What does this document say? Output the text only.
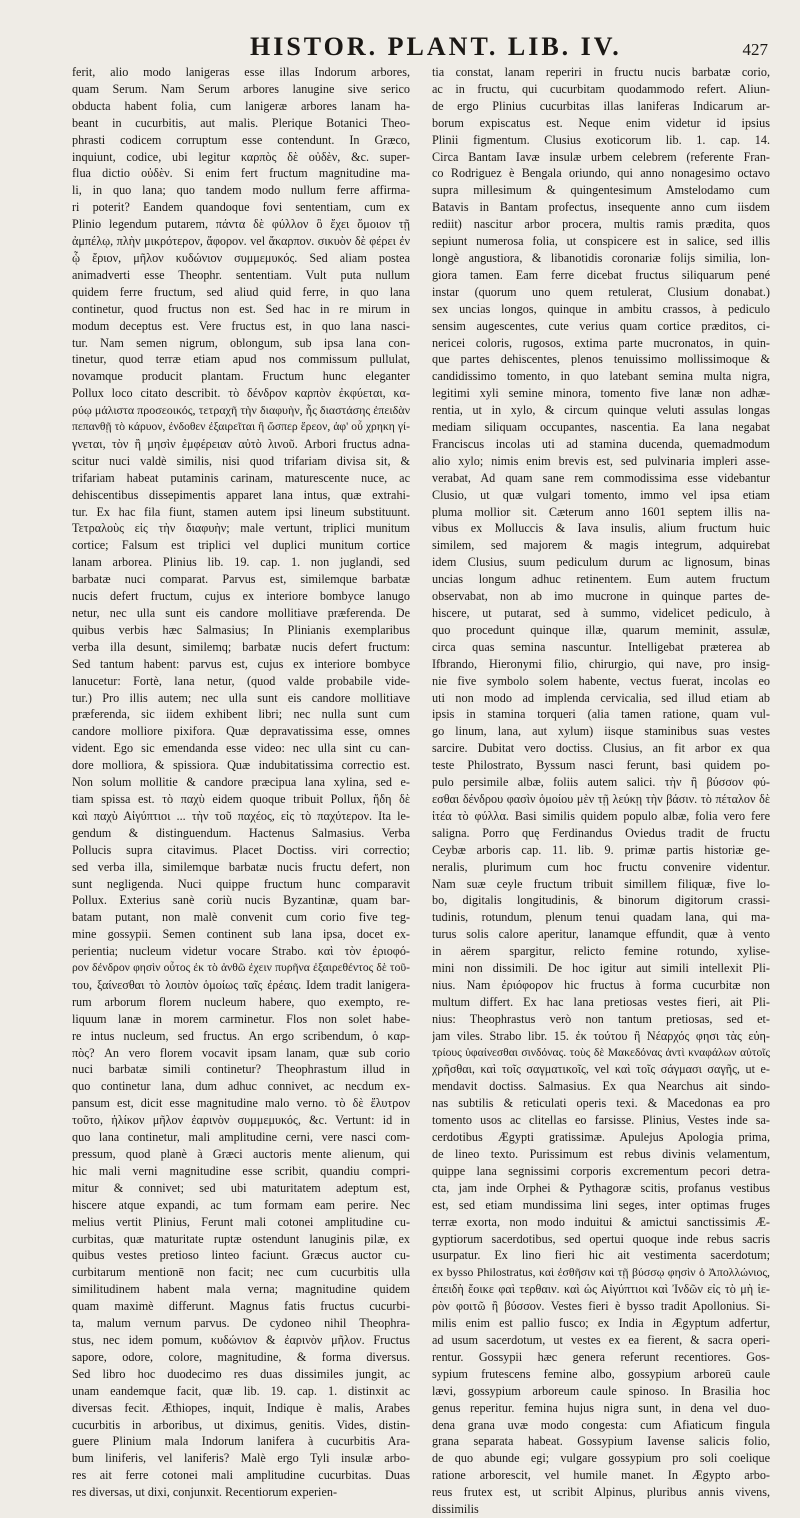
HISTOR. PLANT. LIB. IV.	427
ferit, alio modo lanigeras esse illas Indorum arbores,
quam Serum. Nam Serum arbores lanugine sive serico
obducta habent folia, cum lanigeræ arbores lanam ha-
beant in cucurbitis, aut malis. Plerique Botanici Theo-
phrasti codicem corruptum esse contendunt. In Græco,
inquiunt, codice, ubi legitur καρπὸς δὲ οὐδὲν, &c. super-
flua dictio οὐδὲν. Si enim fert fructum magnitudine ma-
li, in quo lana; quo tandem modo nullum ferre affirma-
ri poterit? Eandem quandoque fovi sententiam, cum ex
Plinio legendum putarem, πάντα δὲ φύλλον ὃ ἔχει ὅμοιον τῇ
ἀμπέλῳ, πλὴν μικρότερον, ἄφορον. vel ἄκαρπον. σικυὸν δὲ φέρει ἐν
ᾧ ἔριον, μῆλον κυδώνιον συμμεμυκός. Sed aliam postea
animadverti esse Theophr. sententiam. Vult puta nullum
quidem ferre fructum, sed aliud quid ferre, in quo lana
continetur, quod fructus non est. Sed hac in re mirum in
modum deceptus est. Vere fructus est, in quo lana nasci-
tur. Nam semen nigrum, oblongum, sub ipsa lana con-
tinetur, quod terræ etiam apud nos commissum pullulat,
novamque producit plantam. Fructum hunc eleganter
Pollux loco citato describit. τὸ δένδρον καρπὸν ἐκφύεται, κα-
ρύῳ μάλιστα προσεοικός, τετραχῆ τὴν διαφυὴν, ἧς διαστάσης ἐπειδὰν
πεπανθῇ τὸ κάρυον, ἐνδοθεν ἐξαιρεῖται ἢ ὥσπερ ἔρεον, ἀφ' οὗ χρηκη γί-
γνεται, τὸν ἢ μησὶν ἐμφέρειαν αὐτὸ λινοῦ. Arbori fructus adna-
scitur nuci valdè similis, nisi quod trifariam divisa sit, &
trifariam habeat putaminis carinam, maturescente nuce, ac
dehiscentibus dissepimentis apparet lana intus, quæ extrahi-
tur. Ex hac fila fiunt, stamen autem ipsi lineum substituunt.
Τετραλοὺς εἰς τὴν διαφυὴν; male vertunt, triplici munitum
cortice; Falsum est triplici vel duplici munitum cortice
lanam arborea. Plinius lib. 19. cap. 1. non juglandi, sed
barbatæ nuci comparat. Parvus est, similemque barbatæ
nucis defert fructum, cujus ex interiore bombyce lanugo
netur, nec ulla sunt eis candore mollitiave præferenda. De
quibus verbis hæc Salmasius; In Plinianis exemplaribus
verba illa desunt, similemq; barbatæ nucis defert fructum:
Sed tantum habent: parvus est, cujus ex interiore bombyce
lanucetur: Fortè, lana netur, (quod valde probabile vide-
tur.) Pro illis autem; nec ulla sunt eis candore mollitiave
præferenda, sic iidem exhibent libri; nec nulla sunt cum
candore molliore pixifora. Quæ depravatissima esse, omnes
vident. Ego sic emendanda esse video: nec ulla sint cu can-
dore molliora, & spissiora. Quæ indubitatissima correctio est.
Non solum mollitie & candore præcipua lana xylina, sed e-
tiam spissa est. τὸ παχὺ eidem quoque tribuit Pollux, ἤδη δὲ
καὶ παχὺ Αἰγύπτιοι ... τὴν τοῦ παχέος, εἰς τὸ παχύτερον. Ita le-
gendum & distinguendum. Hactenus Salmasius. Verba
Pollucis supra citavimus. Placet Doctiss. viri correctio;
sed verba illa, similemque barbatæ nucis fructu defert, non
sunt negligenda. Nuci quippe fructum hunc comparavit
Pollux. Exterius sanè coriù nucis Byzantinæ, quam bar-
batam putant, non malè convenit cum corio five teg-
mine gossypii. Semen continent sub lana ipsa, docet ex-
perientia; nucleum videtur vocare Strabo. καὶ τὸν ἐριοφό-
ρον δένδρον φησὶν οὗτος ἐκ τὸ ἀνθῶ ἐχειν πυρῆνα ἐξαιρεθέντος δὲ τοῦ-
του, ξαίνεσθαι τὸ λοιπὸν ὁμοίως ταῖς ἐρέαις. Idem tradit lanigera-
rum arborum florem nucleum habere, quo exempto, re-
liquum lanæ in morem carminetur. Flos non solet habe-
re intus nucleum, sed fructus. An ergo scribendum, ὁ καρ-
πὸς? An vero florem vocavit ipsam lanam, quæ sub corio
nuci barbatæ simili continetur? Theophrastum illud in
quo continetur lana, dum adhuc connivet, ac necdum ex-
pansum est, dicit esse magnitudine malo verno. τὸ δὲ ἔλυτρον
τοῦτο, ἡλίκον μῆλον ἐαρινὸν συμμεμυκός, &c. Vertunt: id in
quo lana continetur, mali amplitudine cerni, vere nasci com-
pressum, quod planè à Græci auctoris mente alienum, qui
hic mali verni magnitudine esse scribit, quandiu compri-
mitur & connivet; sed ubi maturitatem adeptum est,
hiscere atque expandi, ac tum formam eam perire. Nec
melius vertit Plinius, Ferunt mali cotonei amplitudine cu-
curbitas, quæ maturitate ruptæ ostendunt lanuginis pilæ, ex
quibus vestes pretioso linteo faciunt. Græcus auctor cu-
curbitarum mentionē non facit; nec cum cucurbitis ulla
similitudinem habent mala verna; magnitudine quidem
quam maximè differunt. Magnus fatis fructus cucurbi-
ta, malum vernum parvus. De cydoneo nihil Theophra-
stus, nec idem pomum, κυδώνιον & ἐαρινὸν μῆλον. Fructus
sapore, odore, colore, magnitudine, & forma diversus.
Sed libro hoc duodecimo res duas dissimiles jungit, ac
unam eandemque facit, quæ lib. 19. cap. 1. distinxit ac
diversas fecit. Æthiopes, inquit, Indique è malis, Arabes
cucurbitis in arboribus, ut diximus, genitis. Vides, distin-
guere Plinium mala Indorum lanifera à cucurbitis Ara-
bum liniferis, vel laniferis? Malè ergo Tyli insulæ arbo-
res ait ferre cotonei mali amplitudine cucurbitas. Duas
res diversas, ut dixi, conjunxit. Recentiorum experien-
tia constat, lanam reperiri in fructu nucis barbatæ corio,
ac in fructu, qui cucurbitam quodammodo refert. Aliun-
de ergo Plinius cucurbitas illas laniferas Indicarum ar-
borum expiscatus est. Neque enim videtur id ipsius
Plinii figmentum. Clusius exoticorum lib. 1. cap. 14.
Circa Bantam Iavæ insulæ urbem celebrem (referente Fran-
co Rodriguez è Bengala oriundo, qui anno nonagesimo octavo
supra millesimum & quingentesimum Amstelodamo cum
Batavis in Bantam profectus, insequente anno cum iisdem
rediit) nascitur arbor procera, multis ramis prædita, quos
sepiunt numerosa folia, ut conspicere est in salice, sed illis
longè angustiora, & libanotidis coronariæ folijs similia, lon-
giora tamen. Eam ferre dicebat fructus siliquarum pené
instar (quorum uno quem retulerat, Clusium donabat.)
sex uncias longos, quinque in ambitu crassos, à pediculo
sensim augescentes, cute verius quam cortice præditos, ci-
nericei coloris, rugosos, extima parte mucronatos, in quin-
que partes dehiscentes, plenos tenuissimo mollissimoque &
candidissimo tomento, in quo latebant semina multa nigra,
legitimi xyli semine minora, tomento five lanæ non adhæ-
rentia, ut in xylo, & circum quinque veluti assulas longas
mediam siliquam occupantes, nascentia. Ea lana negabat
Franciscus incolas uti ad stamina ducenda, quemadmodum
alio xylo; nimis enim brevis est, sed pulvinaria impleri asse-
verabat, Ad quam sane rem commodissima esse videbantur
Clusio, ut quæ vulgari tomento, immo vel ipsa etiam
pluma mollior sit. Cæterum anno 1601 septem illis na-
vibus ex Molluccis & Iava insulis, alium fructum huic
similem, sed majorem & magis integrum, adquirebat
idem Clusius, suum pediculum durum ac lignosum, binas
uncias longum adhuc retinentem. Eum autem fructum
observabat, non ab imo mucrone in quinque partes de-
hiscere, ut putarat, sed à summo, videlicet pediculo, à
quo procedunt quinque illæ, quarum meminit, assulæ,
circa quas semina nascuntur. Intelligebat præterea ab
Ifbrando, Hieronymi filio, chirurgio, qui nave, pro insig-
nie five symbolo solem habente, vectus fuerat, incolas eo
uti non modo ad implenda cervicalia, sed illud etiam ab
ipsis in stamina torqueri (alia tamen ratione, quam vul-
go linum, lana, aut xylum) iisque staminibus suas vestes
sarcire. Dubitat vero doctiss. Clusius, an fit arbor ex qua
teste Philostrato, Byssum nasci ferunt, basi quidem po-
pulo persimile albæ, foliis autem salici. τὴν ἢ βύσσον φύ-
εσθαι δένδρου φασὶν ὁμοίου μὲν τῇ λεύκῃ τὴν βάσιν. τὸ πέταλον δὲ
ἰτέα τὸ φύλλα. Basi similis quidem populo albæ, folia vero fere
saligna. Porro quę Ferdinandus Oviedus tradit de fructu
Ceybæ arboris cap. 11. lib. 9. primæ partis historiæ ge-
neralis, plurimum cum hoc fructu convenire videntur.
Nam suæ ceyle fructum tribuit simillem filiquæ, five lo-
bo, digitalis longitudinis, & binorum digitorum crassi-
tudinis, rotundum, plenum tenui quadam lana, qui ma-
turus solis calore aperitur, lanamque effundit, quæ à vento
in aërem spargitur, relicto femine rotundo, xylise-
mini non dissimili. De hoc igitur aut simili intellexit Pli-
nius. Nam ἐριόφορον hic fructus à forma cucurbitæ non
multum differt. Ex hac lana pretiosas vestes fieri, ait Pli-
nius: Theophrastus verò non tantum pretiosas, sed et-
jam viles. Strabo libr. 15. ἐκ τούτου ἢ Νέαρχός φησι τὰς εὐη-
τρίους ὑφαίνεσθαι σινδόνας. τοὺς δὲ Μακεδόνας ἀντὶ κναφάλων αὐτοῖς
χρῆσθαι, καὶ τοῖς σαγματικοῖς, vel καὶ τοῖς σάγμασι σαγῆς, ut e-
mendavit doctiss. Salmasius. Ex qua Nearchus ait sindo-
nas subtilis & reticulati operis texi. & Macedonas ea pro
tomento usos ac clitellas eo farsisse. Plinius, Vestes inde sa-
cerdotibus Ægypti gratissimæ. Apulejus Apologia prima,
de lineo texto. Purissimum est rebus divinis velamentum,
quippe lana segnissimi corporis excrementum pecori detra-
cta, jam inde Orphei & Pythagoræ scitis, profanus vestibus
est, sed etiam mundissima lini seges, inter optimas fruges
terræ exorta, non modo induitui & amictui sanctissimis Æ-
gyptiorum sacerdotibus, sed opertui quoque inde rebus sacris
usurpatur. Ex lino fieri hic ait vestimenta sacerdotum;
ex bysso Philostratus, καὶ ἐσθῆσιν καὶ τῇ βύσσῳ φησὶν ὁ Ἀπολλώνιος,
ἐπειδὴ ἔοικε φαὶ τερθαιν. καὶ ὡς Αἰγύπτιοι καὶ Ἰνδῶν εἰς τὸ μὴ ἱε-
ρὸν φοιτῶ ἢ βύσσον. Vestes fieri è bysso tradit Apollonius. Si-
milis enim est pallio fusco; ex India in Ægyptum adfertur,
ad usum sacerdotum, ut vestes ex ea fierent, & sacra operi-
rentur. Gossypii hæc genera referunt recentiores. Gos-
sypium frutescens femine albo, gossypium arboreū caule
lævi, gossypium arboreum caule spinoso. In Brasilia hoc
genus reperitur. femina hujus nigra sunt, in dena vel duo-
dena grana uvæ modo congesta: cum Afiaticum fingula
grana separata habeat. Gossypium Iavense salicis folio,
de quo abunde egi; vulgare gossypium pro soli coelique
ratione arborescit, vel humile manet. In Ægypto arbo-
reus frutex est, ut scribit Alpinus, pluribus annis vivens,
dissimilis
